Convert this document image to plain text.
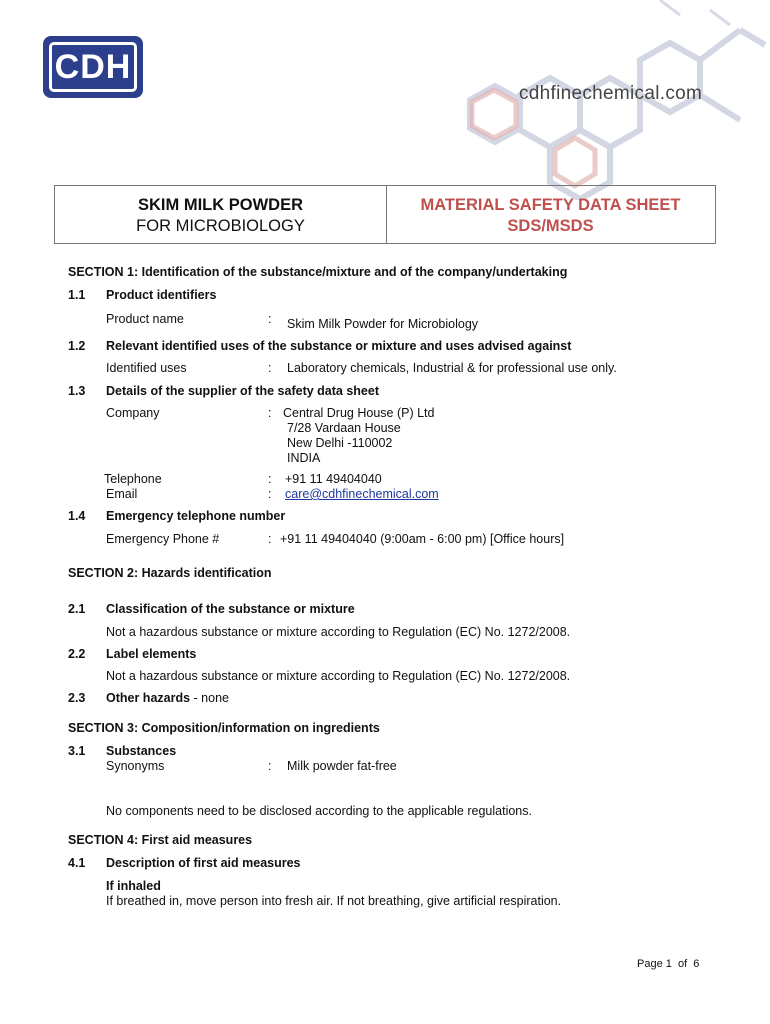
CDH
cdhfinechemical.com
SKIM MILK POWDER
FOR MICROBIOLOGY
MATERIAL SAFETY DATA SHEET
SDS/MSDS
SECTION 1: Identification of the substance/mixture and of the company/undertaking
1.1 Product identifiers
Product name	: Skim Milk Powder for Microbiology
1.2 Relevant identified uses of the substance or mixture and uses advised against
Identified uses	: Laboratory chemicals, Industrial & for professional use only.
1.3 Details of the supplier of the safety data sheet
Company	: Central Drug House (P) Ltd
7/28 Vardaan House
New Delhi -110002
INDIA
Telephone	: +91 11 49404040
Email	: care@cdhfinechemical.com
1.4 Emergency telephone number
Emergency Phone #	: +91 11 49404040 (9:00am - 6:00 pm) [Office hours]
SECTION 2: Hazards identification
2.1 Classification of the substance or mixture
Not a hazardous substance or mixture according to Regulation (EC) No. 1272/2008.
2.2 Label elements
Not a hazardous substance or mixture according to Regulation (EC) No. 1272/2008.
2.3 Other hazards - none
SECTION 3: Composition/information on ingredients
3.1 Substances
Synonyms	: Milk powder fat-free
No components need to be disclosed according to the applicable regulations.
SECTION 4: First aid measures
4.1 Description of first aid measures
If inhaled
If breathed in, move person into fresh air. If not breathing, give artificial respiration.
Page 1  of  6
